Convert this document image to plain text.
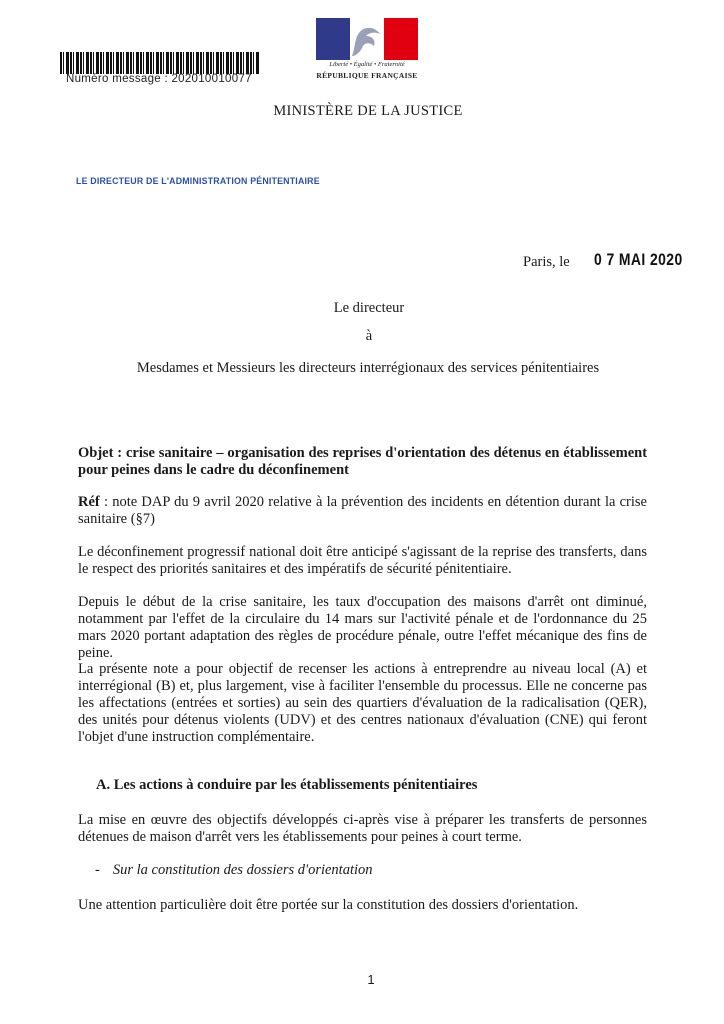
Numéro message : 202010010077
Liberté • Égalité • Fraternité
RÉPUBLIQUE FRANÇAISE
MINISTÈRE DE LA JUSTICE
LE DIRECTEUR DE L'ADMINISTRATION PÉNITENTIAIRE
Paris, le 0 7 MAI 2020
Le directeur
à
Mesdames et Messieurs les directeurs interrégionaux des services pénitentiaires
Objet : crise sanitaire – organisation des reprises d'orientation des détenus en établissement pour peines dans le cadre du déconfinement
Réf : note DAP du 9 avril 2020 relative à la prévention des incidents en détention durant la crise sanitaire (§7)
Le déconfinement progressif national doit être anticipé s'agissant de la reprise des transferts, dans le respect des priorités sanitaires et des impératifs de sécurité pénitentiaire.
Depuis le début de la crise sanitaire, les taux d'occupation des maisons d'arrêt ont diminué, notamment par l'effet de la circulaire du 14 mars sur l'activité pénale et de l'ordonnance du 25 mars 2020 portant adaptation des règles de procédure pénale, outre l'effet mécanique des fins de peine.
La présente note a pour objectif de recenser les actions à entreprendre au niveau local (A) et interrégional (B) et, plus largement, vise à faciliter l'ensemble du processus. Elle ne concerne pas les affectations (entrées et sorties) au sein des quartiers d'évaluation de la radicalisation (QER), des unités pour détenus violents (UDV) et des centres nationaux d'évaluation (CNE) qui feront l'objet d'une instruction complémentaire.
A. Les actions à conduire par les établissements pénitentiaires
La mise en œuvre des objectifs développés ci-après vise à préparer les transferts de personnes détenues de maison d'arrêt vers les établissements pour peines à court terme.
- Sur la constitution des dossiers d'orientation
Une attention particulière doit être portée sur la constitution des dossiers d'orientation.
1
